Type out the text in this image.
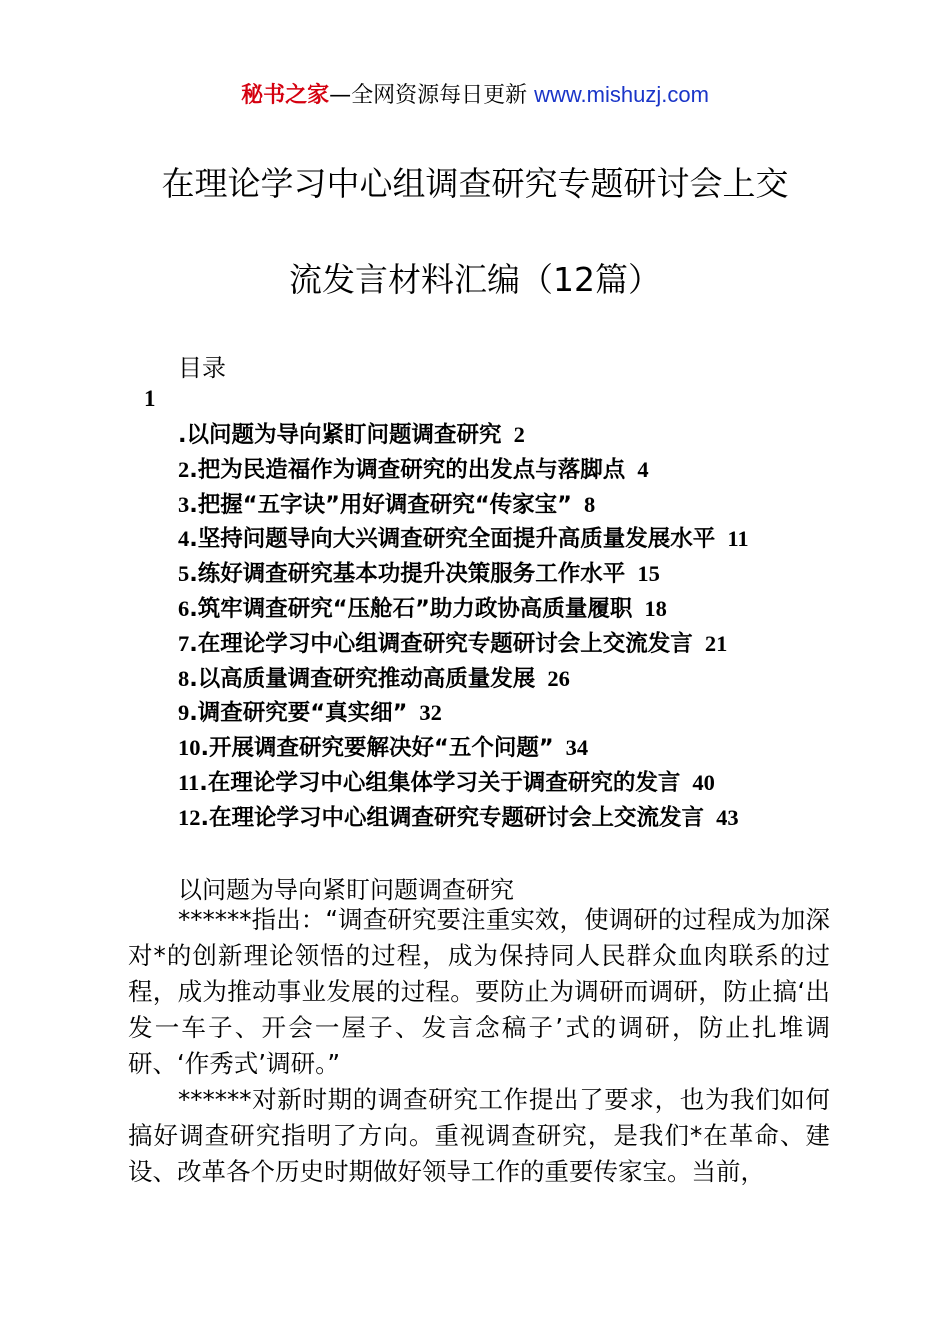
秘书之家—全网资源每日更新 www.mishuzj.com
在理论学习中心组调查研究专题研讨会上交
流发言材料汇编（12篇）
目录
1
.以问题为导向紧盯问题调查研究 2
2.把为民造福作为调查研究的出发点与落脚点 4
3.把握“五字诀”用好调查研究“传家宝” 8
4.坚持问题导向大兴调查研究全面提升高质量发展水平 11
5.练好调查研究基本功提升决策服务工作水平 15
6.筑牢调查研究“压舱石”助力政协高质量履职 18
7.在理论学习中心组调查研究专题研讨会上交流发言 21
8.以高质量调查研究推动高质量发展 26
9.调查研究要“真实细” 32
10.开展调查研究要解决好“五个问题” 34
11.在理论学习中心组集体学习关于调查研究的发言 40
12.在理论学习中心组调查研究专题研讨会上交流发言 43
以问题为导向紧盯问题调查研究

******指出：“调查研究要注重实效，使调研的过程成为加深对*的创新理论领悟的过程，成为保持同人民群众血肉联系的过程，成为推动事业发展的过程。要防止为调研而调研，防止搞‘出发一车子、开会一屋子、发言念稿子’式的调研，防止扎堆调研、‘作秀式’调研。”

******对新时期的调查研究工作提出了要求，也为我们如何搞好调查研究指明了方向。重视调查研究，是我们*在革命、建设、改革各个历史时期做好领导工作的重要传家宝。当前，
